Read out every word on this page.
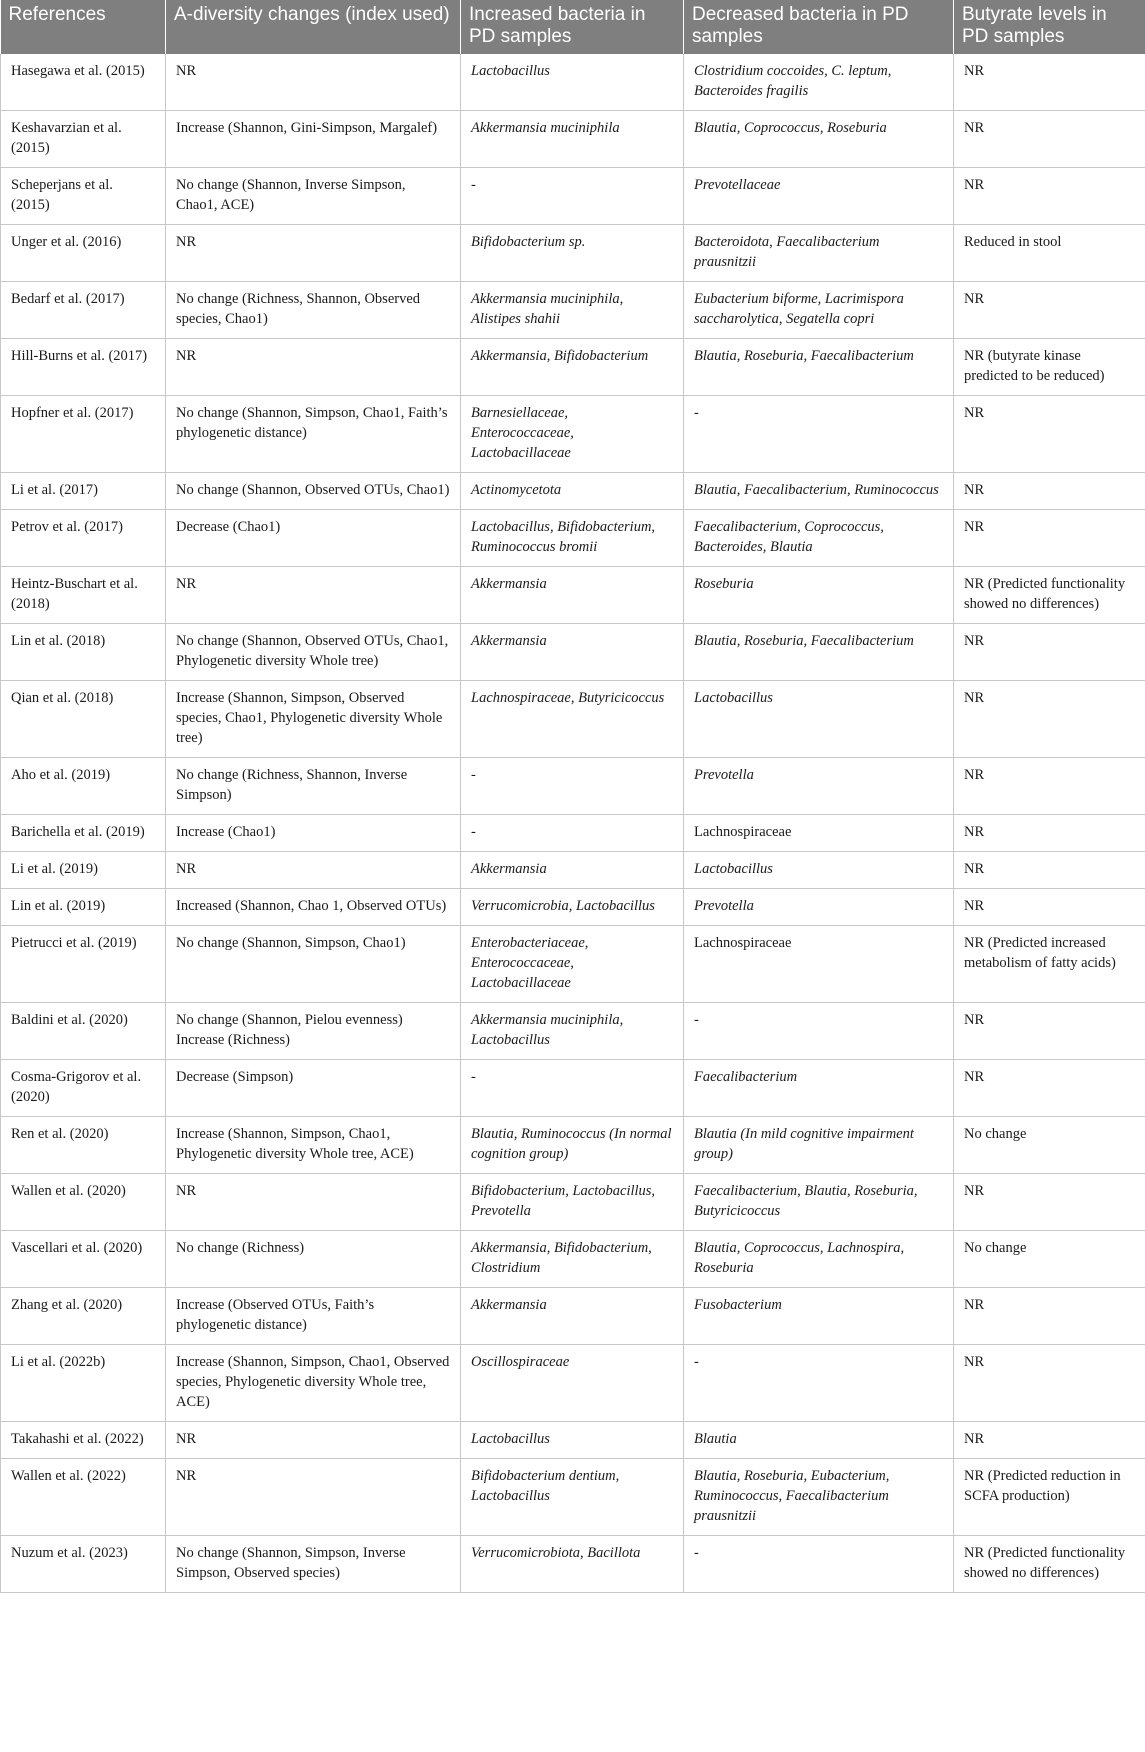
References	A-diversity changes (index used)	Increased bacteria in PD samples	Decreased bacteria in PD samples	Butyrate levels in PD samples
Hasegawa et al. (2015)	NR	Lactobacillus	Clostridium coccoides, C. leptum, Bacteroides fragilis	NR
Keshavarzian et al. (2015)	Increase (Shannon, Gini-Simpson, Margalef)	Akkermansia muciniphila	Blautia, Coprococcus, Roseburia	NR
Scheperjans et al. (2015)	No change (Shannon, Inverse Simpson, Chao1, ACE)	-	Prevotellaceae	NR
Unger et al. (2016)	NR	Bifidobacterium sp.	Bacteroidota, Faecalibacterium prausnitzii	Reduced in stool
Bedarf et al. (2017)	No change (Richness, Shannon, Observed species, Chao1)	Akkermansia muciniphila, Alistipes shahii	Eubacterium biforme, Lacrimispora saccharolytica, Segatella copri	NR
Hill-Burns et al. (2017)	NR	Akkermansia, Bifidobacterium	Blautia, Roseburia, Faecalibacterium	NR (butyrate kinase predicted to be reduced)
Hopfner et al. (2017)	No change (Shannon, Simpson, Chao1, Faith’s phylogenetic distance)	Barnesiellaceae, Enterococcaceae, Lactobacillaceae	-	NR
Li et al. (2017)	No change (Shannon, Observed OTUs, Chao1)	Actinomycetota	Blautia, Faecalibacterium, Ruminococcus	NR
Petrov et al. (2017)	Decrease (Chao1)	Lactobacillus, Bifidobacterium, Ruminococcus bromii	Faecalibacterium, Coprococcus, Bacteroides, Blautia	NR
Heintz-Buschart et al. (2018)	NR	Akkermansia	Roseburia	NR (Predicted functionality showed no differences)
Lin et al. (2018)	No change (Shannon, Observed OTUs, Chao1, Phylogenetic diversity Whole tree)	Akkermansia	Blautia, Roseburia, Faecalibacterium	NR
Qian et al. (2018)	Increase (Shannon, Simpson, Observed species, Chao1, Phylogenetic diversity Whole tree)	Lachnospiraceae, Butyricicoccus	Lactobacillus	NR
Aho et al. (2019)	No change (Richness, Shannon, Inverse Simpson)	-	Prevotella	NR
Barichella et al. (2019)	Increase (Chao1)	-	Lachnospiraceae	NR
Li et al. (2019)	NR	Akkermansia	Lactobacillus	NR
Lin et al. (2019)	Increased (Shannon, Chao 1, Observed OTUs)	Verrucomicrobia, Lactobacillus	Prevotella	NR
Pietrucci et al. (2019)	No change (Shannon, Simpson, Chao1)	Enterobacteriaceae, Enterococcaceae, Lactobacillaceae	Lachnospiraceae	NR (Predicted increased metabolism of fatty acids)
Baldini et al. (2020)	No change (Shannon, Pielou evenness) Increase (Richness)	Akkermansia muciniphila, Lactobacillus	-	NR
Cosma-Grigorov et al. (2020)	Decrease (Simpson)	-	Faecalibacterium	NR
Ren et al. (2020)	Increase (Shannon, Simpson, Chao1, Phylogenetic diversity Whole tree, ACE)	Blautia, Ruminococcus (In normal cognition group)	Blautia (In mild cognitive impairment group)	No change
Wallen et al. (2020)	NR	Bifidobacterium, Lactobacillus, Prevotella	Faecalibacterium, Blautia, Roseburia, Butyricicoccus	NR
Vascellari et al. (2020)	No change (Richness)	Akkermansia, Bifidobacterium, Clostridium	Blautia, Coprococcus, Lachnospira, Roseburia	No change
Zhang et al. (2020)	Increase (Observed OTUs, Faith’s phylogenetic distance)	Akkermansia	Fusobacterium	NR
Li et al. (2022b)	Increase (Shannon, Simpson, Chao1, Observed species, Phylogenetic diversity Whole tree, ACE)	Oscillospiraceae	-	NR
Takahashi et al. (2022)	NR	Lactobacillus	Blautia	NR
Wallen et al. (2022)	NR	Bifidobacterium dentium, Lactobacillus	Blautia, Roseburia, Eubacterium, Ruminococcus, Faecalibacterium prausnitzii	NR (Predicted reduction in SCFA production)
Nuzum et al. (2023)	No change (Shannon, Simpson, Inverse Simpson, Observed species)	Verrucomicrobiota, Bacillota	-	NR (Predicted functionality showed no differences)
